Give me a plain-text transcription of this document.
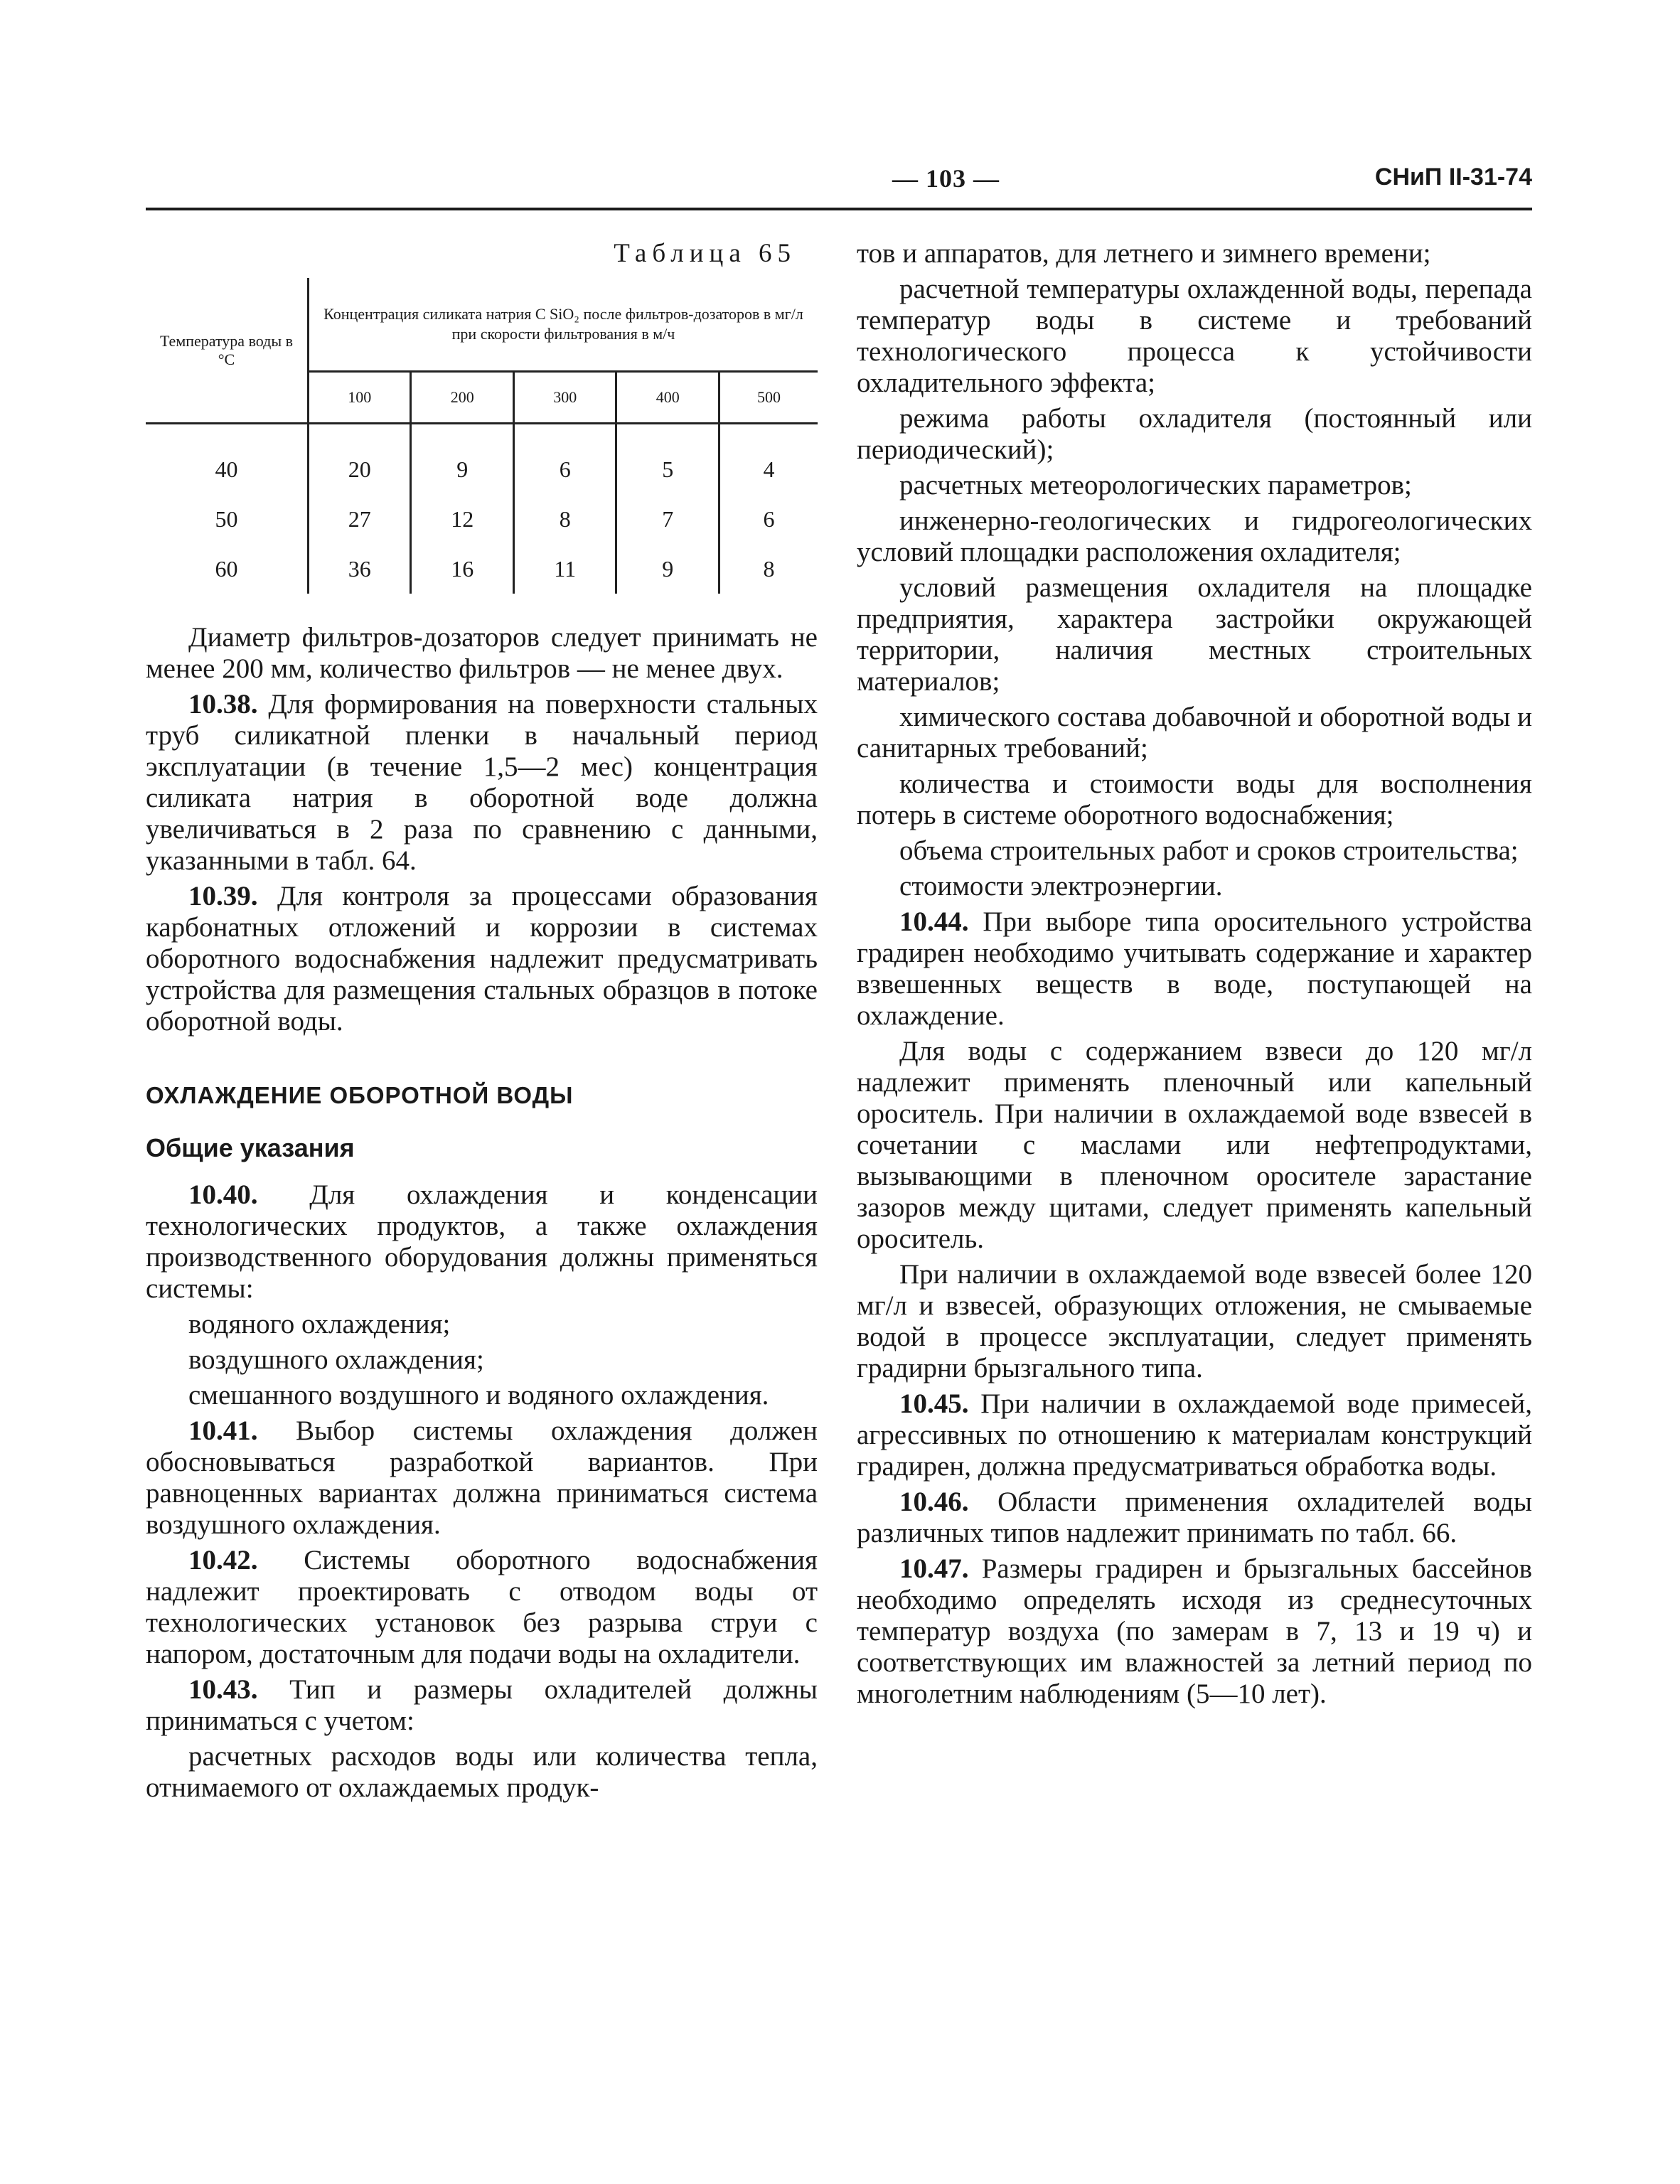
— 103 —	СНиП II-31-74
Таблица 65
Температура воды в °С	Концентрация силиката натрия C SiO₂ после фильтров-дозаторов в мг/л при скорости фильтрования в м/ч				
	100	200	300	400	500

40	20	9	6	5	4
50	27	12	8	7	6
60	36	16	11	9	8

Диаметр фильтров-дозаторов следует принимать не менее 200 мм, количество фильтров — не менее двух.

10.38. Для формирования на поверхности стальных труб силикатной пленки в начальный период эксплуатации (в течение 1,5—2 мес) концентрация силиката натрия в оборотной воде должна увеличиваться в 2 раза по сравнению с данными, указанными в табл. 64.

10.39. Для контроля за процессами образования карбонатных отложений и коррозии в системах оборотного водоснабжения надлежит предусматривать устройства для размещения стальных образцов в потоке оборотной воды.

ОХЛАЖДЕНИЕ ОБОРОТНОЙ ВОДЫ
Общие указания

10.40. Для охлаждения и конденсации технологических продуктов, а также охлаждения производственного оборудования должны применяться системы:

водяного охлаждения;

воздушного охлаждения;

смешанного воздушного и водяного охлаждения.

10.41. Выбор системы охлаждения должен обосновываться разработкой вариантов. При равноценных вариантах должна приниматься система воздушного охлаждения.

10.42. Системы оборотного водоснабжения надлежит проектировать с отводом воды от технологических установок без разрыва струи с напором, достаточным для подачи воды на охладители.

10.43. Тип и размеры охладителей должны приниматься с учетом:

расчетных расходов воды или количества тепла, отнимаемого от охлаждаемых продук-

тов и аппаратов, для летнего и зимнего времени;

расчетной температуры охлажденной воды, перепада температур воды в системе и требований технологического процесса к устойчивости охладительного эффекта;

режима работы охладителя (постоянный или периодический);

расчетных метеорологических параметров;

инженерно-геологических и гидрогеологических условий площадки расположения охладителя;

условий размещения охладителя на площадке предприятия, характера застройки окружающей территории, наличия местных строительных материалов;

химического состава добавочной и оборотной воды и санитарных требований;

количества и стоимости воды для восполнения потерь в системе оборотного водоснабжения;

объема строительных работ и сроков строительства;

стоимости электроэнергии.

10.44. При выборе типа оросительного устройства градирен необходимо учитывать содержание и характер взвешенных веществ в воде, поступающей на охлаждение.

Для воды с содержанием взвеси до 120 мг/л надлежит применять пленочный или капельный ороситель. При наличии в охлаждаемой воде взвесей в сочетании с маслами или нефтепродуктами, вызывающими в пленочном оросителе зарастание зазоров между щитами, следует применять капельный ороситель.

При наличии в охлаждаемой воде взвесей более 120 мг/л и взвесей, образующих отложения, не смываемые водой в процессе эксплуатации, следует применять градирни брызгального типа.

10.45. При наличии в охлаждаемой воде примесей, агрессивных по отношению к материалам конструкций градирен, должна предусматриваться обработка воды.

10.46. Области применения охладителей воды различных типов надлежит принимать по табл. 66.

10.47. Размеры градирен и брызгальных бассейнов необходимо определять исходя из среднесуточных температур воздуха (по замерам в 7, 13 и 19 ч) и соответствующих им влажностей за летний период по многолетним наблюдениям (5—10 лет).
